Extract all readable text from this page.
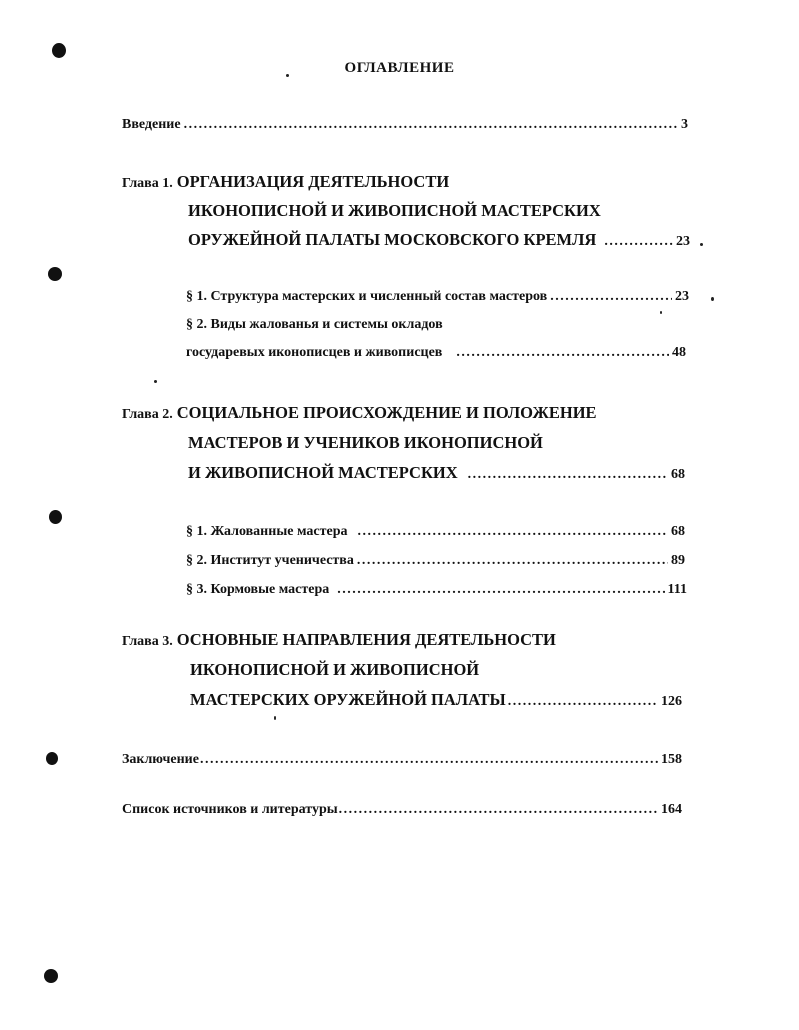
ОГЛАВЛЕНИЕ
Введение .....	3
Глава 1. ОРГАНИЗАЦИЯ ДЕЯТЕЛЬНОСТИ
ИКОНОПИСНОЙ И ЖИВОПИСНОЙ МАСТЕРСКИХ
ОРУЖЕЙНОЙ ПАЛАТЫ МОСКОВСКОГО КРЕМЛЯ .....	23
§ 1. Структура мастерских и численный состав мастеров .....	23
§ 2. Виды жалованья и системы окладов
государевых иконописцев и живописцев .....	48
Глава 2. СОЦИАЛЬНОЕ ПРОИСХОЖДЕНИЕ И ПОЛОЖЕНИЕ
МАСТЕРОВ И УЧЕНИКОВ ИКОНОПИСНОЙ
И ЖИВОПИСНОЙ МАСТЕРСКИХ .....	68
§ 1. Жалованные мастера .....	68
§ 2. Институт ученичества .....	89
§ 3. Кормовые мастера .....	111
Глава 3. ОСНОВНЫЕ НАПРАВЛЕНИЯ ДЕЯТЕЛЬНОСТИ
ИКОНОПИСНОЙ И ЖИВОПИСНОЙ
МАСТЕРСКИХ ОРУЖЕЙНОЙ ПАЛАТЫ .....	126
Заключение .....	158
Список источников и литературы .....	164
